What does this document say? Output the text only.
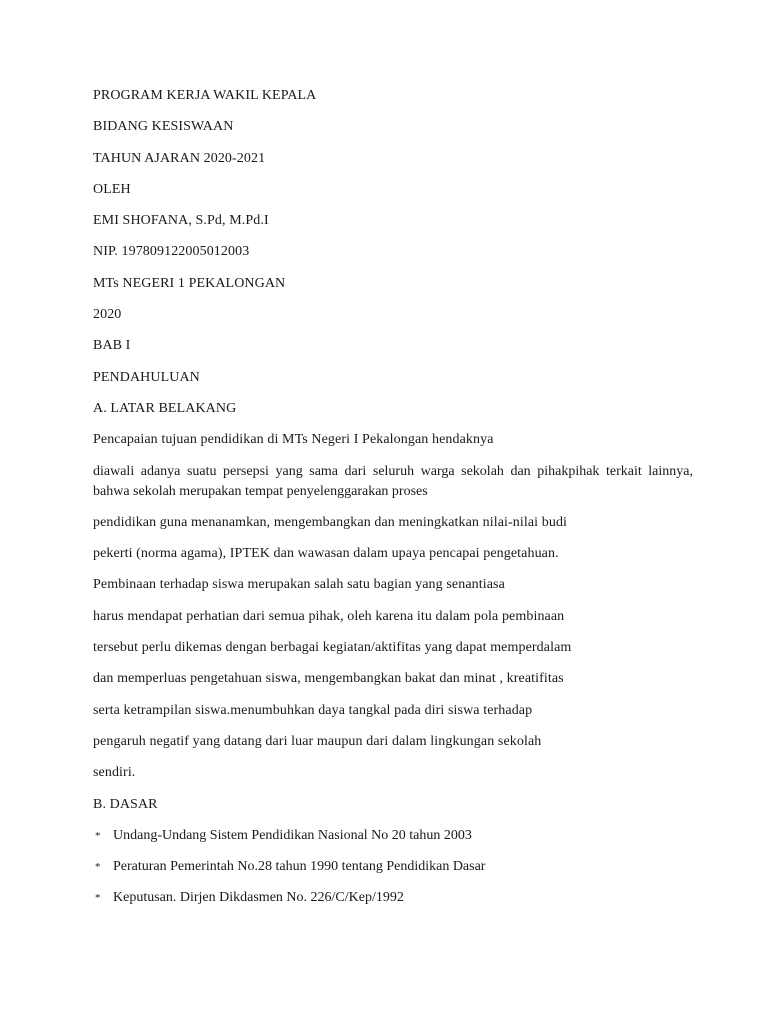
PROGRAM KERJA WAKIL KEPALA
BIDANG KESISWAAN
TAHUN AJARAN 2020-2021
OLEH
EMI SHOFANA, S.Pd, M.Pd.I
NIP. 197809122005012003
MTs NEGERI 1 PEKALONGAN
2020
BAB I
PENDAHULUAN
A. LATAR BELAKANG
Pencapaian tujuan pendidikan di MTs Negeri I Pekalongan hendaknya
diawali adanya suatu persepsi yang sama dari seluruh warga sekolah dan pihakpihak terkait lainnya, bahwa sekolah merupakan tempat penyelenggarakan proses
pendidikan guna menanamkan, mengembangkan dan meningkatkan nilai-nilai budi
pekerti (norma agama), IPTEK dan wawasan dalam upaya pencapai pengetahuan.
Pembinaan terhadap siswa merupakan salah satu bagian yang senantiasa
harus mendapat perhatian dari semua pihak, oleh karena itu dalam pola pembinaan
tersebut perlu dikemas dengan berbagai kegiatan/aktifitas yang dapat memperdalam
dan memperluas pengetahuan siswa, mengembangkan bakat dan minat , kreatifitas
serta ketrampilan siswa.menumbuhkan daya tangkal pada diri siswa terhadap
pengaruh negatif yang datang dari luar maupun dari dalam lingkungan sekolah
sendiri.
B. DASAR
* Undang-Undang Sistem Pendidikan Nasional No 20 tahun 2003
* Peraturan Pemerintah No.28 tahun 1990 tentang Pendidikan Dasar
* Keputusan. Dirjen Dikdasmen No. 226/C/Kep/1992
